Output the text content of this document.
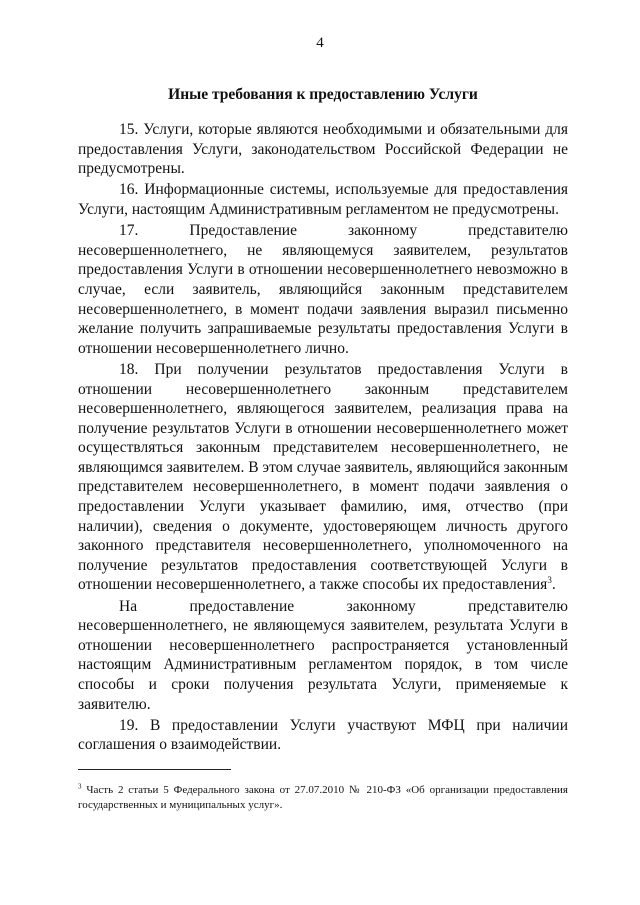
4
Иные требования к предоставлению Услуги

15. Услуги, которые являются необходимыми и обязательными для предоставления Услуги, законодательством Российской Федерации не предусмотрены.

16. Информационные системы, используемые для предоставления Услуги, настоящим Административным регламентом не предусмотрены.

17. Предоставление законному представителю несовершеннолетнего, не являющемуся заявителем, результатов предоставления Услуги в отношении несовершеннолетнего невозможно в случае, если заявитель, являющийся законным представителем несовершеннолетнего, в момент подачи заявления выразил письменно желание получить запрашиваемые результаты предоставления Услуги в отношении несовершеннолетнего лично.

18. При получении результатов предоставления Услуги в отношении несовершеннолетнего законным представителем несовершеннолетнего, являющегося заявителем, реализация права на получение результатов Услуги в отношении несовершеннолетнего может осуществляться законным представителем несовершеннолетнего, не являющимся заявителем. В этом случае заявитель, являющийся законным представителем несовершеннолетнего, в момент подачи заявления о предоставлении Услуги указывает фамилию, имя, отчество (при наличии), сведения о документе, удостоверяющем личность другого законного представителя несовершеннолетнего, уполномоченного на получение результатов предоставления соответствующей Услуги в отношении несовершеннолетнего, а также способы их предоставления$^3$.

На предоставление законному представителю несовершеннолетнего, не являющемуся заявителем, результата Услуги в отношении несовершеннолетнего распространяется установленный настоящим Административным регламентом порядок, в том числе способы и сроки получения результата Услуги, применяемые к заявителю.

19. В предоставлении Услуги участвуют МФЦ при наличии соглашения о взаимодействии.

$^3$ Часть 2 статьи 5 Федерального закона от 27.07.2010 № 210-ФЗ «Об организации предоставления государственных и муниципальных услуг».
